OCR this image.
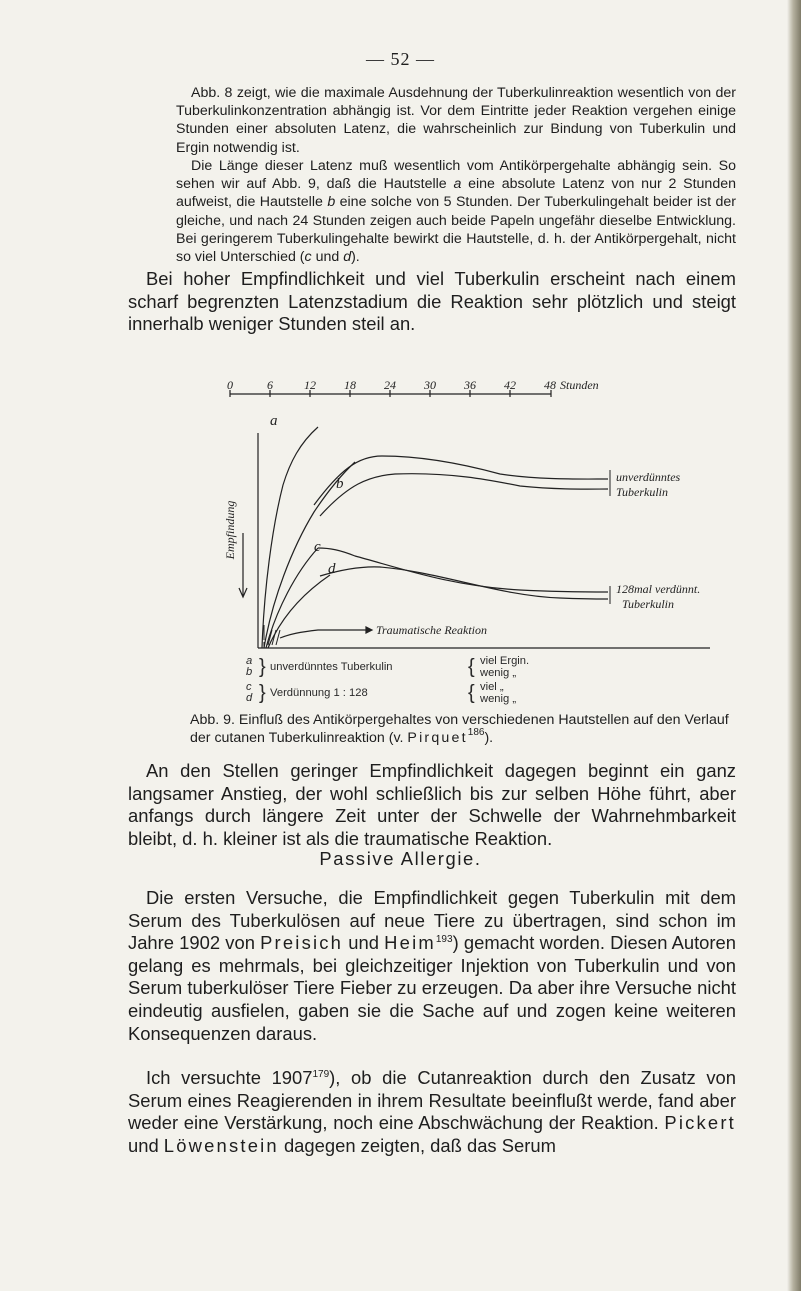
— 52 —

Abb. 8 zeigt, wie die maximale Ausdehnung der Tuberkulinreaktion wesentlich von der Tuberkulinkonzentration abhängig ist. Vor dem Eintritte jeder Reaktion vergehen einige Stunden einer absoluten Latenz, die wahrscheinlich zur Bindung von Tuberkulin und Ergin notwendig ist.

Die Länge dieser Latenz muß wesentlich vom Antikörpergehalte abhängig sein. So sehen wir auf Abb. 9, daß die Hautstelle a eine absolute Latenz von nur 2 Stunden aufweist, die Hautstelle b eine solche von 5 Stunden. Der Tuberkulingehalt beider ist der gleiche, und nach 24 Stunden zeigen auch beide Papeln ungefähr dieselbe Entwicklung. Bei geringerem Tuberkulingehalte bewirkt die Hautstelle, d. h. der Antikörpergehalt, nicht so viel Unterschied (c und d).

Bei hoher Empfindlichkeit und viel Tuberkulin erscheint nach einem scharf begrenzten Latenzstadium die Reaktion sehr plötzlich und steigt innerhalb weniger Stunden steil an.

0	6	12 18 24 30 36 42 48 Stunden
a
b
c
d
unverdünntes
Tuberkulin
128mal verdünnt.
Tuberkulin
Traumatische Reaktion
Empfindung
a b } unverdünntes Tuberkulin	{ viel Ergin.
wenig „
c d } Verdünnung 1 : 128	{ viel „
wenig „

Abb. 9. Einfluß des Antikörpergehaltes von verschiedenen Hautstellen auf den Verlauf der cutanen Tuberkulinreaktion (v. Pirquet$^{186}$).

An den Stellen geringer Empfindlichkeit dagegen beginnt ein ganz langsamer Anstieg, der wohl schließlich bis zur selben Höhe führt, aber anfangs durch längere Zeit unter der Schwelle der Wahrnehmbarkeit bleibt, d. h. kleiner ist als die traumatische Reaktion.

Passive Allergie.

Die ersten Versuche, die Empfindlichkeit gegen Tuberkulin mit dem Serum des Tuberkulösen auf neue Tiere zu übertragen, sind schon im Jahre 1902 von Preisich und Heim$^{193}$) gemacht worden. Diesen Autoren gelang es mehrmals, bei gleichzeitiger Injektion von Tuberkulin und von Serum tuberkulöser Tiere Fieber zu erzeugen. Da aber ihre Versuche nicht eindeutig ausfielen, gaben sie die Sache auf und zogen keine weiteren Konsequenzen daraus.

Ich versuchte 1907$^{179}$), ob die Cutanreaktion durch den Zusatz von Serum eines Reagierenden in ihrem Resultate beeinflußt werde, fand aber weder eine Verstärkung, noch eine Abschwächung der Reaktion. Pickert und Löwenstein dagegen zeigten, daß das Serum
